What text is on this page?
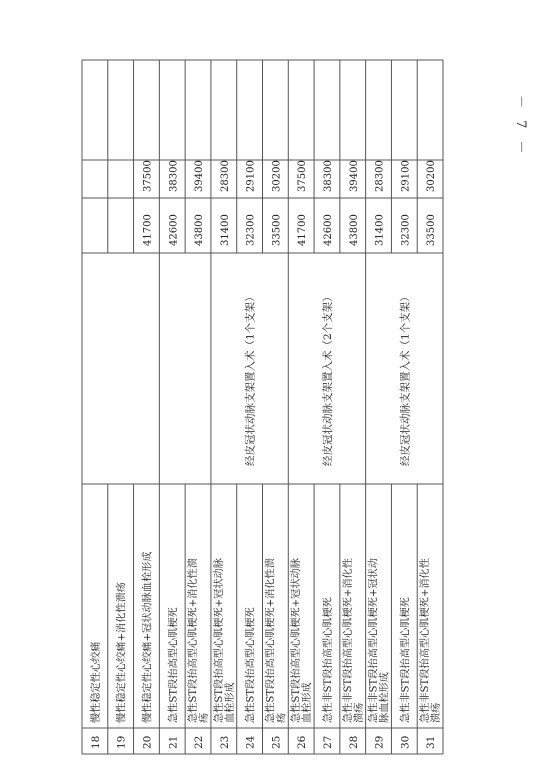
18
慢性稳定性心绞痛
19
慢性稳定性心绞痛+消化性溃疡
20
慢性稳定性心绞痛+冠状动脉血栓形成
41700
37500
21
急性ST段抬高型心肌梗死
42600
38300
22
急性ST段抬高型心肌梗死+消化性溃 疡
43800
39400
23
急性ST段抬高型心肌梗死+冠状动脉 血栓形成
31400
28300
24
急性ST段抬高型心肌梗死
32300
29100
25
急性ST段抬高型心肌梗死+消化性溃 疡
33500
30200
26
急性ST段抬高型心肌梗死+冠状动脉 血栓形成
41700
37500
27
急性非ST段抬高型心肌梗死
42600
38300
28
急性非ST段抬高型心肌梗死+消化性 溃疡
43800
39400
29
急性非ST段抬高型心肌梗死+冠状动 脉血栓形成
31400
28300
30
急性非ST段抬高型心肌梗死
32300
29100
31
急性非ST段抬高型心肌梗死+消化性 溃疡
33500
30200
经皮冠状动脉支架置入术（1个支架）	经皮冠状动脉支架置入术（2个支架）	经皮冠状动脉支架置入术（1个支架）
－ 7 －
